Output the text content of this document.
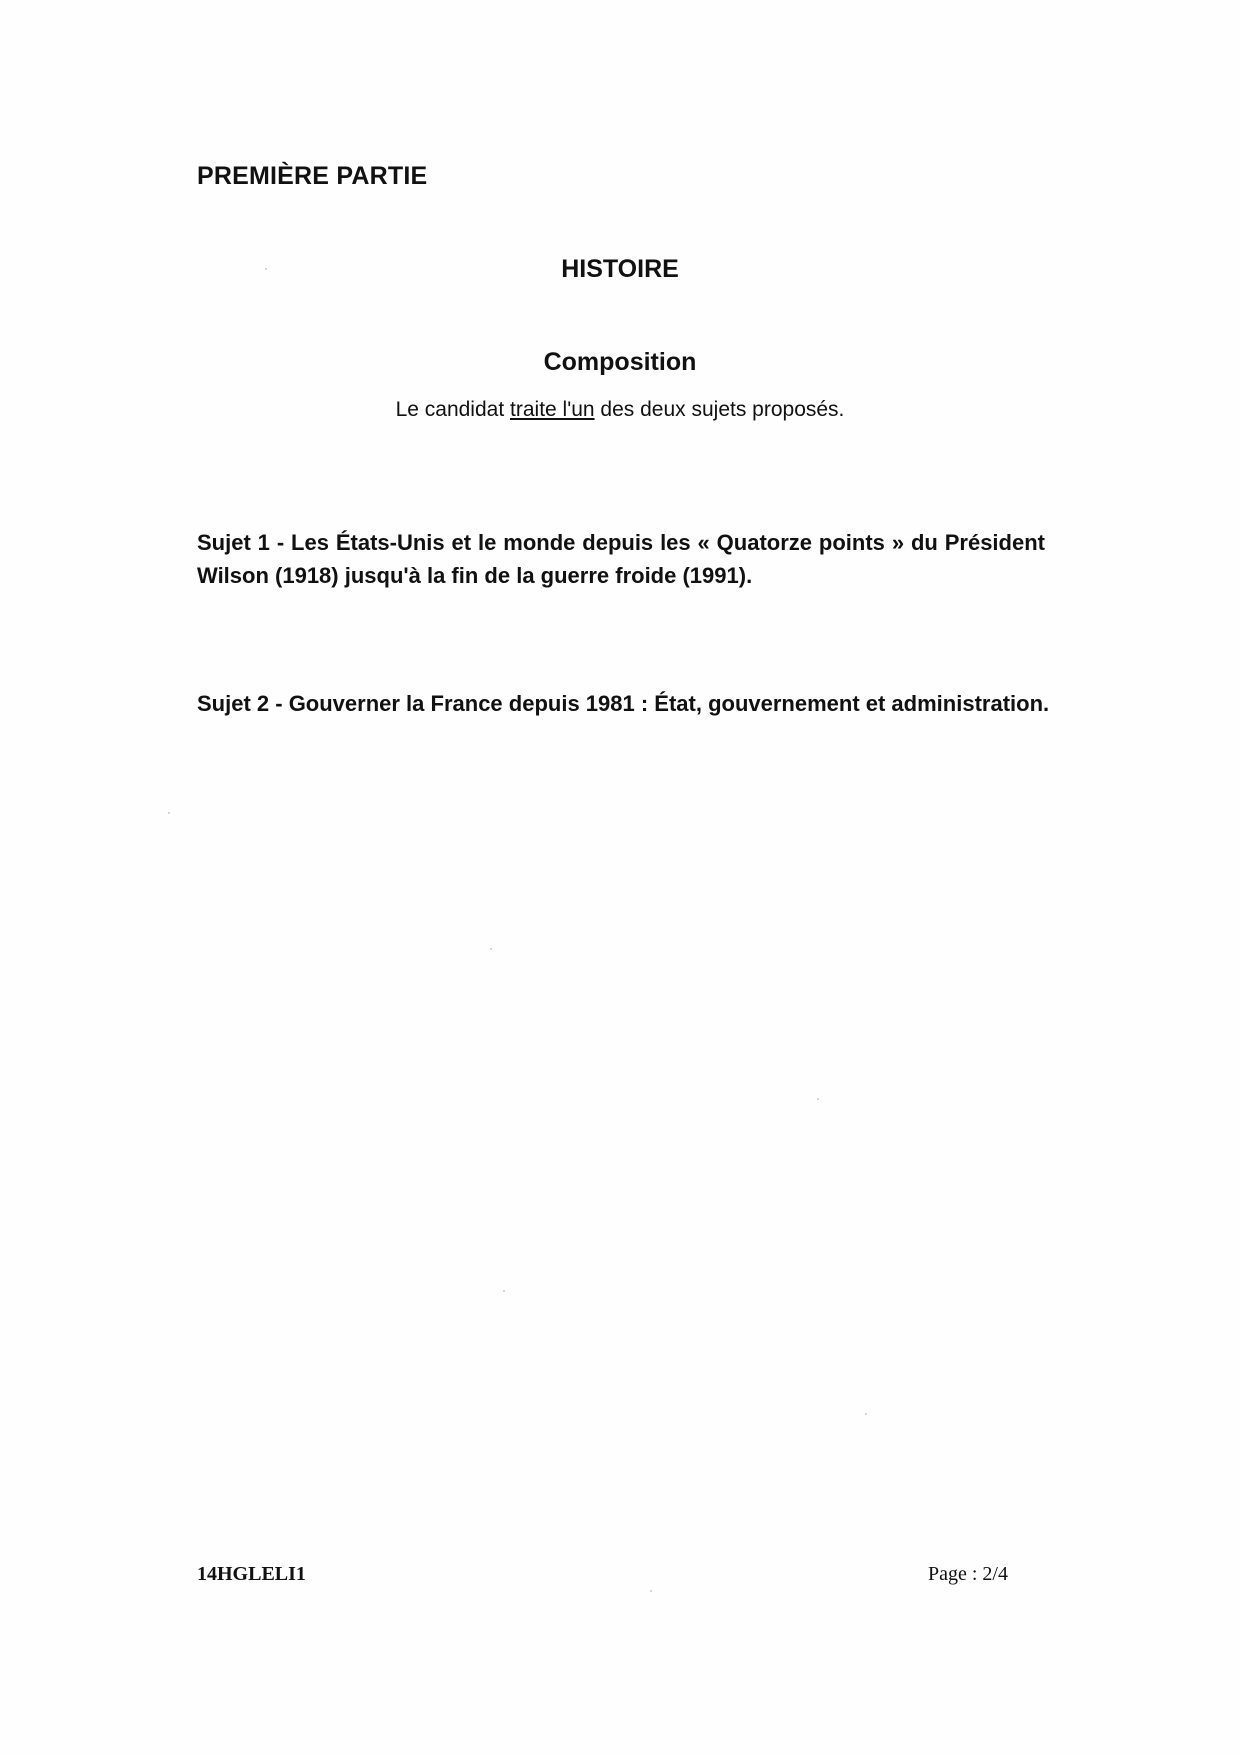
PREMIÈRE PARTIE
HISTOIRE
Composition

Le candidat traite l'un des deux sujets proposés.

Sujet 1 - Les États-Unis et le monde depuis les « Quatorze points » du Président Wilson (1918) jusqu'à la fin de la guerre froide (1991).

Sujet 2 - Gouverner la France depuis 1981 : État, gouvernement et administration.

14HGLELI1	Page : 2/4
